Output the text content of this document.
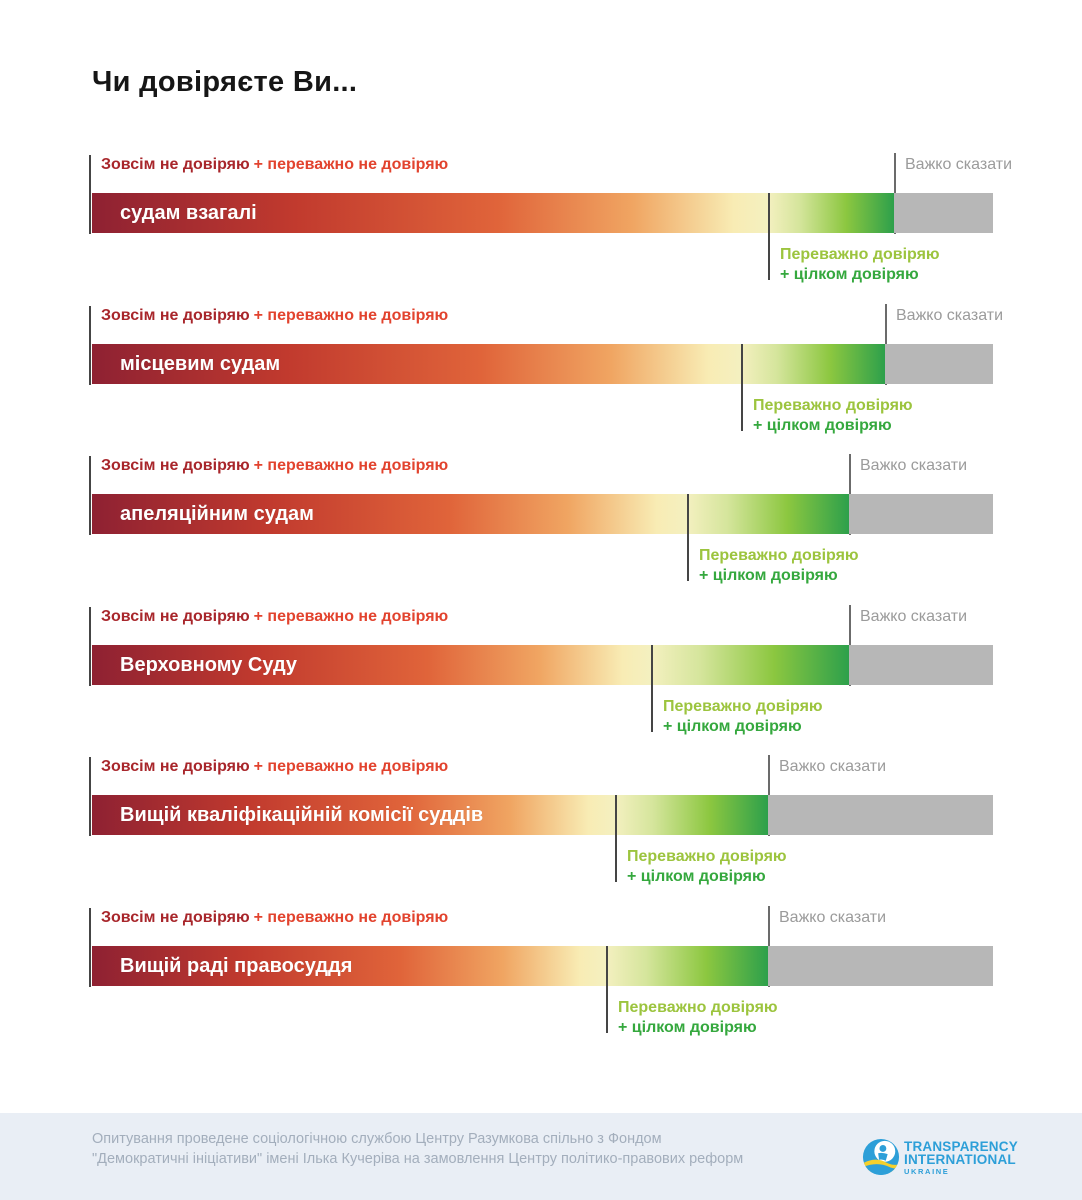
Чи довіряєте Ви...
Зовсім не довіряю + переважно не довіряю	Важко сказати
судам взагалі
Переважно довіряю
+ цілком довіряю
Зовсім не довіряю + переважно не довіряю	Важко сказати
місцевим судам
Переважно довіряю
+ цілком довіряю
Зовсім не довіряю + переважно не довіряю	Важко сказати
апеляційним судам
Переважно довіряю
+ цілком довіряю
Зовсім не довіряю + переважно не довіряю	Важко сказати
Верховному Суду
Переважно довіряю
+ цілком довіряю
Зовсім не довіряю + переважно не довіряю	Важко сказати
Вищій кваліфікаційній комісії суддів
Переважно довіряю
+ цілком довіряю
Зовсім не довіряю + переважно не довіряю	Важко сказати
Вищій раді правосуддя
Переважно довіряю
+ цілком довіряю
Опитування проведене соціологічною службою Центру Разумкова спільно з Фондом
"Демократичні ініціативи" імені Ілька Кучеріва на замовлення Центру політико-правових реформ
TRANSPARENCY
INTERNATIONAL
UKRAINE
